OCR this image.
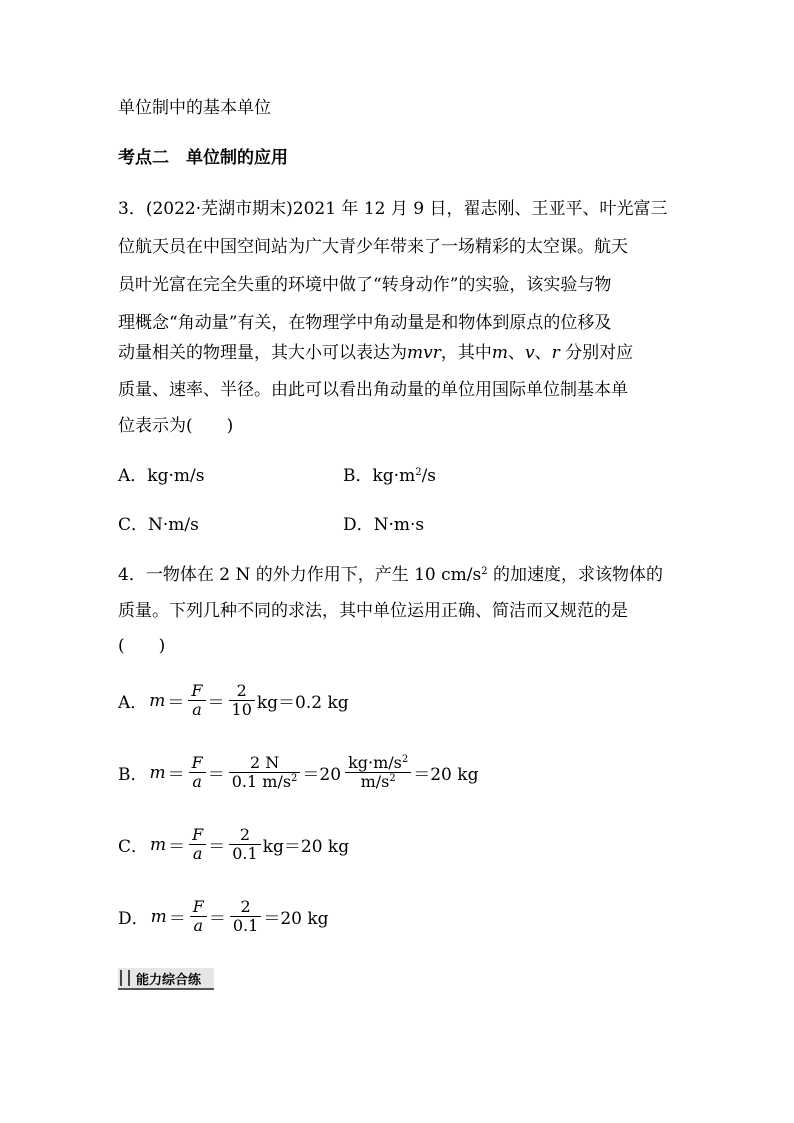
单位制中的基本单位
考点二　单位制的应用
3．(2022·芜湖市期末)2021 年 12 月 9 日，翟志刚、王亚平、叶光富三
位航天员在中国空间站为广大青少年带来了一场精彩的太空课。航天
员叶光富在完全失重的环境中做了“转身动作”的实验，该实验与物
理概念“角动量”有关，在物理学中角动量是和物体到原点的位移及
动量相关的物理量，其大小可以表达为mvr，其中m、v、r 分别对应
质量、速率、半径。由此可以看出角动量的单位用国际单位制基本单
位表示为(　　)
A．kg·m/s	B．$kg\cdot m^2/s$
C．N·m/s	D．N·m·s
4．一物体在 2 N 的外力作用下，产生 10 $cm/s^2$ 的加速度，求该物体的
质量。下列几种不同的求法，其中单位运用正确、简洁而又规范的是
(　　)
A． $m = \frac{F}{a} = \frac{2}{10} kg=0.2$ kg
B． $m = \frac{F}{a} = \frac{2 N}{0.1 m/s^2} =20 \frac{kg\cdot m/s^2}{m/s^2} =20$ kg
C． $m = \frac{F}{a} = \frac{2}{0.1} kg=20$ kg
D． $m = \frac{F}{a} = \frac{2}{0.1} =20$ kg
能力综合练
